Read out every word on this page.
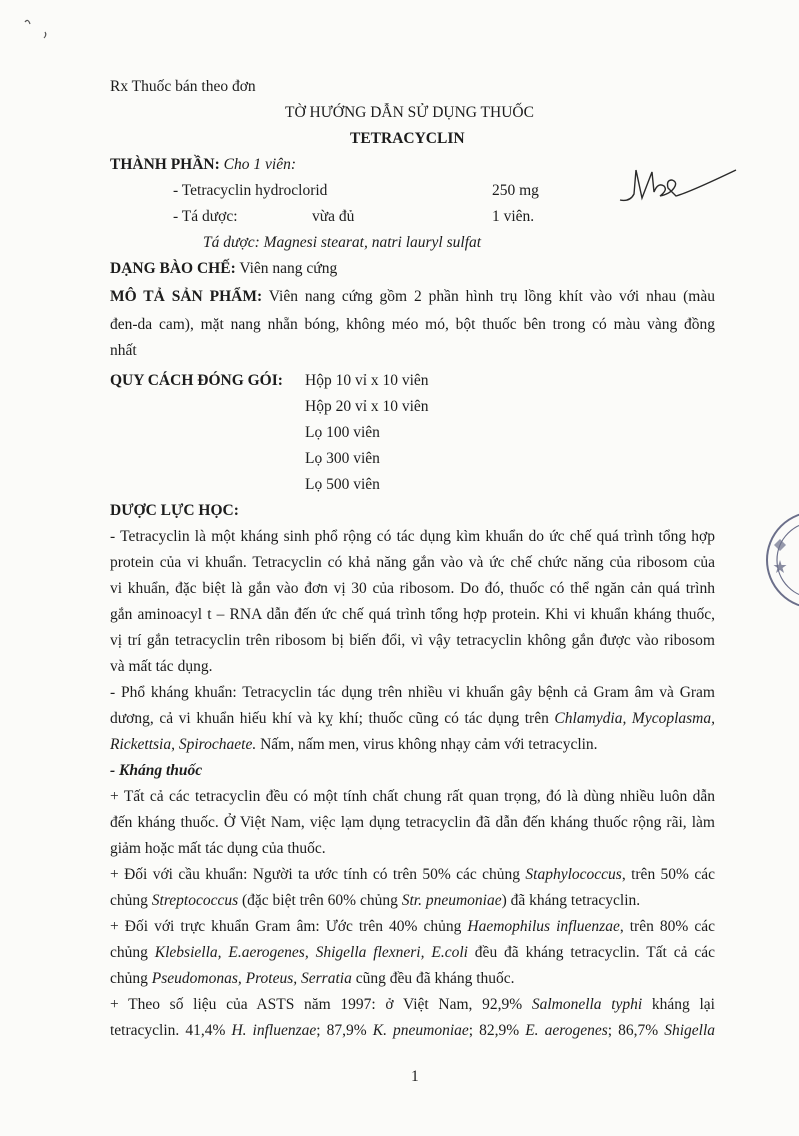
Rx Thuốc bán theo đơn
TỜ HƯỚNG DẪN SỬ DỤNG THUỐC
TETRACYCLIN
THÀNH PHẦN: Cho 1 viên:
- Tetracyclin hydroclorid	250 mg
- Tá dược:	vừa đủ	1 viên.
Tá dược: Magnesi stearat, natri lauryl sulfat
DẠNG BÀO CHẾ: Viên nang cứng
MÔ TẢ SẢN PHẨM: Viên nang cứng gồm 2 phần hình trụ lồng khít vào với nhau (màu
đen-da cam), mặt nang nhẵn bóng, không méo mó, bột thuốc bên trong có màu vàng đồng
nhất
QUY CÁCH ĐÓNG GÓI: Hộp 10 vỉ x 10 viên
Hộp 20 vỉ x 10 viên
Lọ 100 viên
Lọ 300 viên
Lọ 500 viên
DƯỢC LỰC HỌC:
- Tetracyclin là một kháng sinh phổ rộng có tác dụng kìm khuẩn do ức chế quá trình tổng hợp
protein của vi khuẩn. Tetracyclin có khả năng gắn vào và ức chế chức năng của ribosom của
vi khuẩn, đặc biệt là gắn vào đơn vị 30 của ribosom. Do đó, thuốc có thể ngăn cản quá trình
gắn aminoacyl t – RNA dẫn đến ức chế quá trình tổng hợp protein. Khi vi khuẩn kháng thuốc,
vị trí gắn tetracyclin trên ribosom bị biến đổi, vì vậy tetracyclin không gắn được vào ribosom
và mất tác dụng.
- Phổ kháng khuẩn: Tetracyclin tác dụng trên nhiều vi khuẩn gây bệnh cả Gram âm và Gram
dương, cả vi khuẩn hiếu khí và kỵ khí; thuốc cũng có tác dụng trên Chlamydia, Mycoplasma,
Rickettsia, Spirochaete. Nấm, nấm men, virus không nhạy cảm với tetracyclin.
- Kháng thuốc
+ Tất cả các tetracyclin đều có một tính chất chung rất quan trọng, đó là dùng nhiều luôn dẫn
đến kháng thuốc. Ở Việt Nam, việc lạm dụng tetracyclin đã dẫn đến kháng thuốc rộng rãi, làm
giảm hoặc mất tác dụng của thuốc.
+ Đối với cầu khuẩn: Người ta ước tính có trên 50% các chủng Staphylococcus, trên 50% các
chủng Streptococcus (đặc biệt trên 60% chủng Str. pneumoniae) đã kháng tetracyclin.
+ Đối với trực khuẩn Gram âm: Ước trên 40% chủng Haemophilus influenzae, trên 80% các
chủng Klebsiella, E.aerogenes, Shigella flexneri, E.coli đều đã kháng tetracyclin. Tất cả các
chủng Pseudomonas, Proteus, Serratia cũng đều đã kháng thuốc.
+ Theo số liệu của ASTS năm 1997: ở Việt Nam, 92,9% Salmonella typhi kháng lại
tetracyclin. 41,4% H. influenzae; 87,9% K. pneumoniae; 82,9% E. aerogenes; 86,7% Shigella
1
